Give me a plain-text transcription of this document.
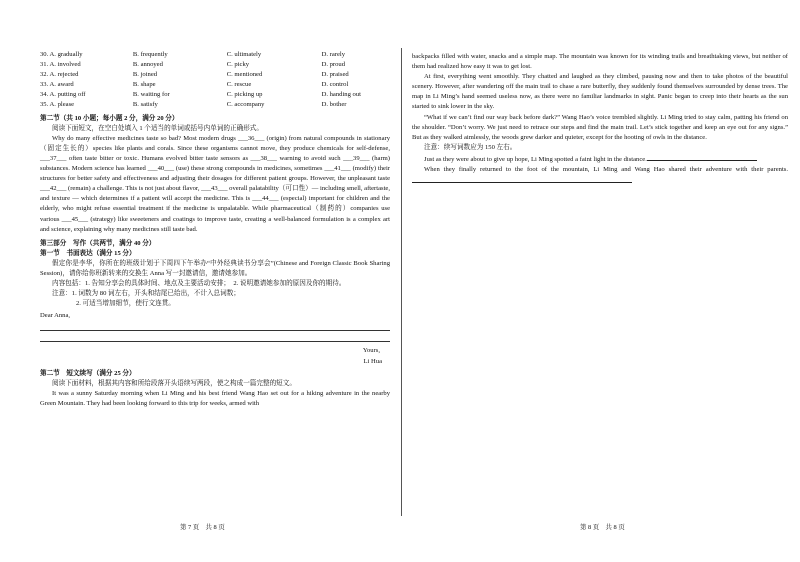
30. A. gradually	B. frequently	C. ultimately	D. rarely
31. A. involved	B. annoyed	C. picky	D. proud
32. A. rejected	B. joined	C. mentioned	D. praised
33. A. award	B. shape	C. rescue	D. control
34. A. putting off	B. waiting for	C. picking up	D. handing out
35. A. please	B. satisfy	C. accompany	D. bother

第二节（共 10 小题；每小题 2 分，满分 20 分）

阅读下面短文，在空白处填入 1 个适当的单词或括号内单词的正确形式。

Why do many effective medicines taste so bad? Most modern drugs ___36___ (origin) from natural compounds in stationary（固定生长的）species like plants and corals. Since these organisms cannot move, they produce chemicals for self-defense, ___37___ often taste bitter or toxic. Humans evolved bitter taste sensors as ___38___ warning to avoid such ___39___ (harm) substances. Modern science has learned ___40___ (use) these strong compounds in medicines, sometimes ___41___ (modify) their structures for better safety and effectiveness and adjusting their dosages for different patient groups. However, the unpleasant taste ___42___ (remain) a challenge. This is not just about flavor, ___43___ overall palatability（可口性）— including smell, aftertaste, and texture — which determines if a patient will accept the medicine. This is ___44___ (especial) important for children and the elderly, who might refuse essential treatment if the medicine is unpalatable. While pharmaceutical（制药的）companies use various ___45___ (strategy) like sweeteners and coatings to improve taste, creating a well-balanced formulation is a complex art and science, explaining why many medicines still taste bad.

第三部分　写作（共两节，满分 40 分）

第一节　书面表达（满分 15 分）

假定你是李华，你所在的班级计划于下周四下午举办“中外经典读书分享会”(Chinese and Foreign Classic Book Sharing Session)，请你给你班新转来的交换生 Anna 写一封邀请信，邀请她参加。

内容包括：1. 告知分享会的具体时间、地点及主要活动安排；　2. 说明邀请她参加的原因及你的期待。

注意：1. 词数为 80 词左右，开头和结尾已给出，不计入总词数；

2. 可适当增加细节，使行文连贯。

Dear Anna,

Yours,

Li Hua

第二节　短文续写（满分 25 分）

阅读下面材料，根据其内容和所给段落开头语续写两段，使之构成一篇完整的短文。

It was a sunny Saturday morning when Li Ming and his best friend Wang Hao set out for a hiking adventure in the nearby Green Mountain. They had been looking forward to this trip for weeks, armed with

第 7 页　共 8 页

backpacks filled with water, snacks and a simple map. The mountain was known for its winding trails and breathtaking views, but neither of them had realized how easy it was to get lost.

At first, everything went smoothly. They chatted and laughed as they climbed, pausing now and then to take photos of the beautiful scenery. However, after wandering off the main trail to chase a rare butterfly, they suddenly found themselves surrounded by dense trees. The map in Li Ming’s hand seemed useless now, as there were no familiar landmarks in sight. Panic began to creep into their hearts as the sun started to sink lower in the sky.

“What if we can’t find our way back before dark?” Wang Hao’s voice trembled slightly. Li Ming tried to stay calm, patting his friend on the shoulder. “Don’t worry. We just need to retrace our steps and find the main trail. Let’s stick together and keep an eye out for any signs.” But as they walked aimlessly, the woods grew darker and quieter, except for the hooting of owls in the distance.

注意：续写词数应为 150 左右。

Just as they were about to give up hope, Li Ming spotted a faint light in the distance.

When they finally returned to the foot of the mountain, Li Ming and Wang Hao shared their adventure with their parents.

第 8 页　共 8 页
